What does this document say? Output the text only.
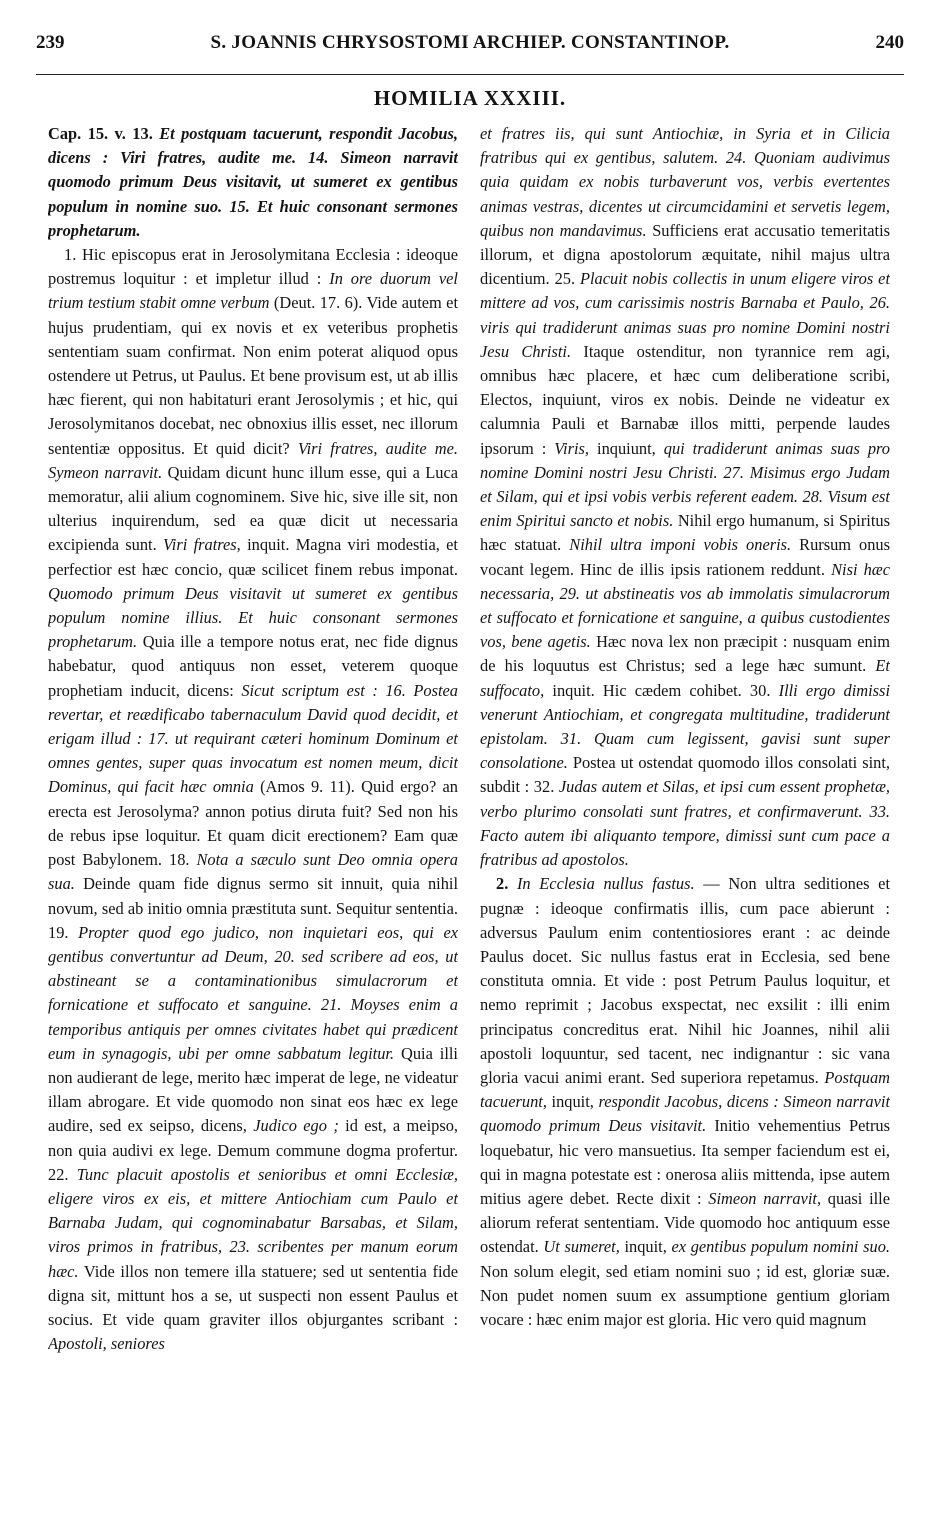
239	S. JOANNIS CHRYSOSTOMI ARCHIEP. CONSTANTINOP.	240
HOMILIA XXXIII.

Cap. 15. v. 13. Et postquam tacuerunt, respondit Jacobus, dicens : Viri fratres, audite me. 14. Simeon narravit quomodo primum Deus visitavit, ut sumeret ex gentibus populum in nomine suo. 15. Et huic consonant sermones prophetarum.

1. Hic episcopus erat in Jerosolymitana Ecclesia : ideoque postremus loquitur : et impletur illud : In ore duorum vel trium testium stabit omne verbum (Deut. 17. 6). Vide autem et hujus prudentiam, qui ex novis et ex veteribus prophetis sententiam suam confirmat. Non enim poterat aliquod opus ostendere ut Petrus, ut Paulus. Et bene provisum est, ut ab illis hæc fierent, qui non habitaturi erant Jerosolymis ; et hic, qui Jerosolymitanos docebat, nec obnoxius illis esset, nec illorum sententiæ oppositus. Et quid dicit? Viri fratres, audite me. Symeon narravit. Quidam dicunt hunc illum esse, qui a Luca memoratur, alii alium cognominem. Sive hic, sive ille sit, non ulterius inquirendum, sed ea quæ dicit ut necessaria excipienda sunt. Viri fratres, inquit. Magna viri modestia, et perfectior est hæc concio, quæ scilicet finem rebus imponat. Quomodo primum Deus visitavit ut sumeret ex gentibus populum nomine illius. Et huic consonant sermones prophetarum. Quia ille a tempore notus erat, nec fide dignus habebatur, quod antiquus non esset, veterem quoque prophetiam inducit, dicens: Sicut scriptum est : 16. Postea revertar, et reædificabo tabernaculum David quod decidit, et erigam illud : 17. ut requirant cæteri hominum Dominum et omnes gentes, super quas invocatum est nomen meum, dicit Dominus, qui facit hæc omnia (Amos 9. 11). Quid ergo? an erecta est Jerosolyma? annon potius diruta fuit? Sed non his de rebus ipse loquitur. Et quam dicit erectionem? Eam quæ post Babylonem. 18. Nota a sæculo sunt Deo omnia opera sua. Deinde quam fide dignus sermo sit innuit, quia nihil novum, sed ab initio omnia præstituta sunt. Sequitur sententia. 19. Propter quod ego judico, non inquietari eos, qui ex gentibus convertuntur ad Deum, 20. sed scribere ad eos, ut abstineant se a contaminationibus simulacrorum et fornicatione et suffocato et sanguine. 21. Moyses enim a temporibus antiquis per omnes civitates habet qui prædicent eum in synagogis, ubi per omne sabbatum legitur. Quia illi non audierant de lege, merito hæc imperat de lege, ne videatur illam abrogare. Et vide quomodo non sinat eos hæc ex lege audire, sed ex seipso, dicens, Judico ego ; id est, a meipso, non quia audivi ex lege. Demum commune dogma profertur. 22. Tunc placuit apostolis et senioribus et omni Ecclesiæ, eligere viros ex eis, et mittere Antiochiam cum Paulo et Barnaba Judam, qui cognominabatur Barsabas, et Silam, viros primos in fratribus, 23. scribentes per manum eorum hæc. Vide illos non temere illa statuere; sed ut sententia fide digna sit, mittunt hos a se, ut suspecti non essent Paulus et socius. Et vide quam graviter illos objurgantes scribant : Apostoli, seniores

et fratres iis, qui sunt Antiochiæ, in Syria et in Cilicia fratribus qui ex gentibus, salutem. 24. Quoniam audivimus quia quidam ex nobis turbaverunt vos, verbis evertentes animas vestras, dicentes ut circumcidamini et servetis legem, quibus non mandavimus. Sufficiens erat accusatio temeritatis illorum, et digna apostolorum æquitate, nihil majus ultra dicentium. 25. Placuit nobis collectis in unum eligere viros et mittere ad vos, cum carissimis nostris Barnaba et Paulo, 26. viris qui tradiderunt animas suas pro nomine Domini nostri Jesu Christi. Itaque ostenditur, non tyrannice rem agi, omnibus hæc placere, et hæc cum deliberatione scribi, Electos, inquiunt, viros ex nobis. Deinde ne videatur ex calumnia Pauli et Barnabæ illos mitti, perpende laudes ipsorum : Viris, inquiunt, qui tradiderunt animas suas pro nomine Domini nostri Jesu Christi. 27. Misimus ergo Judam et Silam, qui et ipsi vobis verbis referent eadem. 28. Visum est enim Spiritui sancto et nobis. Nihil ergo humanum, si Spiritus hæc statuat. Nihil ultra imponi vobis oneris. Rursum onus vocant legem. Hinc de illis ipsis rationem reddunt. Nisi hæc necessaria, 29. ut abstineatis vos ab immolatis simulacrorum et suffocato et fornicatione et sanguine, a quibus custodientes vos, bene agetis. Hæc nova lex non præcipit : nusquam enim de his loquutus est Christus; sed a lege hæc sumunt. Et suffocato, inquit. Hic cædem cohibet. 30. Illi ergo dimissi venerunt Antiochiam, et congregata multitudine, tradiderunt epistolam. 31. Quam cum legissent, gavisi sunt super consolatione. Postea ut ostendat quomodo illos consolati sint, subdit : 32. Judas autem et Silas, et ipsi cum essent prophetæ, verbo plurimo consolati sunt fratres, et confirmaverunt. 33. Facto autem ibi aliquanto tempore, dimissi sunt cum pace a fratribus ad apostolos.

2. In Ecclesia nullus fastus. — Non ultra seditiones et pugnæ : ideoque confirmatis illis, cum pace abierunt : adversus Paulum enim contentiosiores erant : ac deinde Paulus docet. Sic nullus fastus erat in Ecclesia, sed bene constituta omnia. Et vide : post Petrum Paulus loquitur, et nemo reprimit ; Jacobus exspectat, nec exsilit : illi enim principatus concreditus erat. Nihil hic Joannes, nihil alii apostoli loquuntur, sed tacent, nec indignantur : sic vana gloria vacui animi erant. Sed superiora repetamus. Postquam tacuerunt, inquit, respondit Jacobus, dicens : Simeon narravit quomodo primum Deus visitavit. Initio vehementius Petrus loquebatur, hic vero mansuetius. Ita semper faciendum est ei, qui in magna potestate est : onerosa aliis mittenda, ipse autem mitius agere debet. Recte dixit : Simeon narravit, quasi ille aliorum referat sententiam. Vide quomodo hoc antiquum esse ostendat. Ut sumeret, inquit, ex gentibus populum nomini suo. Non solum elegit, sed etiam nomini suo ; id est, gloriæ suæ. Non pudet nomen suum ex assumptione gentium gloriam vocare : hæc enim major est gloria. Hic vero quid magnum
